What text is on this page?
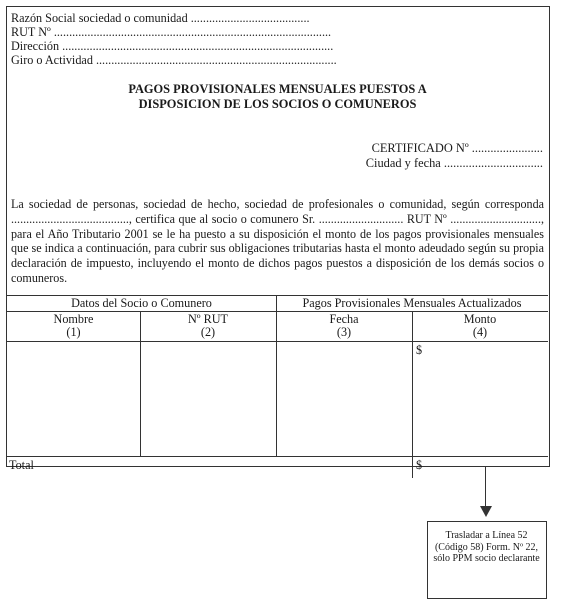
Razón Social sociedad o comunidad .......................................
RUT Nº ...........................................................................................
Dirección .........................................................................................
Giro o Actividad ...............................................................................
PAGOS PROVISIONALES MENSUALES PUESTOS A
DISPOSICION DE LOS SOCIOS O COMUNEROS
CERTIFICADO Nº .......................
Ciudad y fecha ................................
La sociedad de personas, sociedad de hecho, sociedad de profesionales o comunidad, según corresponda ......................................., certifica que al socio o comunero Sr. ............................ RUT Nº .............................., para el Año Tributario 2001 se le ha puesto a su disposición el monto de los pagos provisionales mensuales que se indica a continuación, para cubrir sus obligaciones tributarias hasta el monto adeudado según su propia declaración de impuesto, incluyendo el monto de dichos pagos puestos a disposición de los demás socios o comuneros.
Datos del Socio o Comunero	Pagos Provisionales Mensuales Actualizados
Nombre
(1)
Nº RUT
(2)
Fecha
(3)
Monto
(4)
$
Total	$
Trasladar a Línea 52
(Código 58) Form. Nº 22,
sólo PPM socio declarante
